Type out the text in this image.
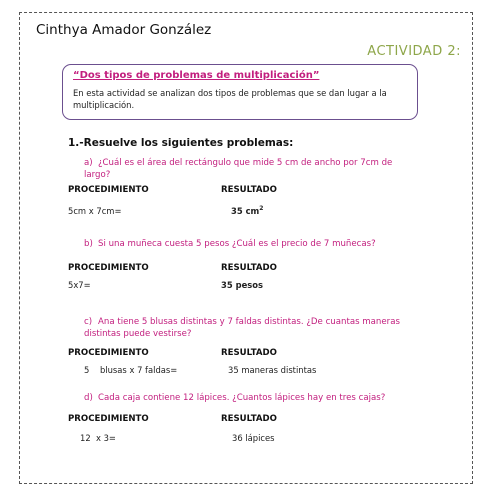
Cinthya Amador González
ACTIVIDAD 2:

“Dos tipos de problemas de multiplicación”

En esta actividad se analizan dos tipos de problemas que se dan lugar a la multiplicación.

1.-Resuelve los siguientes problemas:
a) ¿Cuál es el área del rectángulo que mide 5 cm de ancho por 7cm de largo?
PROCEDIMIENTO	RESULTADO
5cm x 7cm=	35 $cm^2$
b) Si una muñeca cuesta 5 pesos ¿Cuál es el precio de 7 muñecas?
PROCEDIMIENTO	RESULTADO
5x7=	35 pesos
c) Ana tiene 5 blusas distintas y 7 faldas distintas. ¿De cuantas maneras distintas puede vestirse?
PROCEDIMIENTO	RESULTADO
5    blusas x 7 faldas=	35 maneras distintas
d) Cada caja contiene 12 lápices. ¿Cuantos lápices hay en tres cajas?
PROCEDIMIENTO	RESULTADO
12  x 3=	36 lápices
